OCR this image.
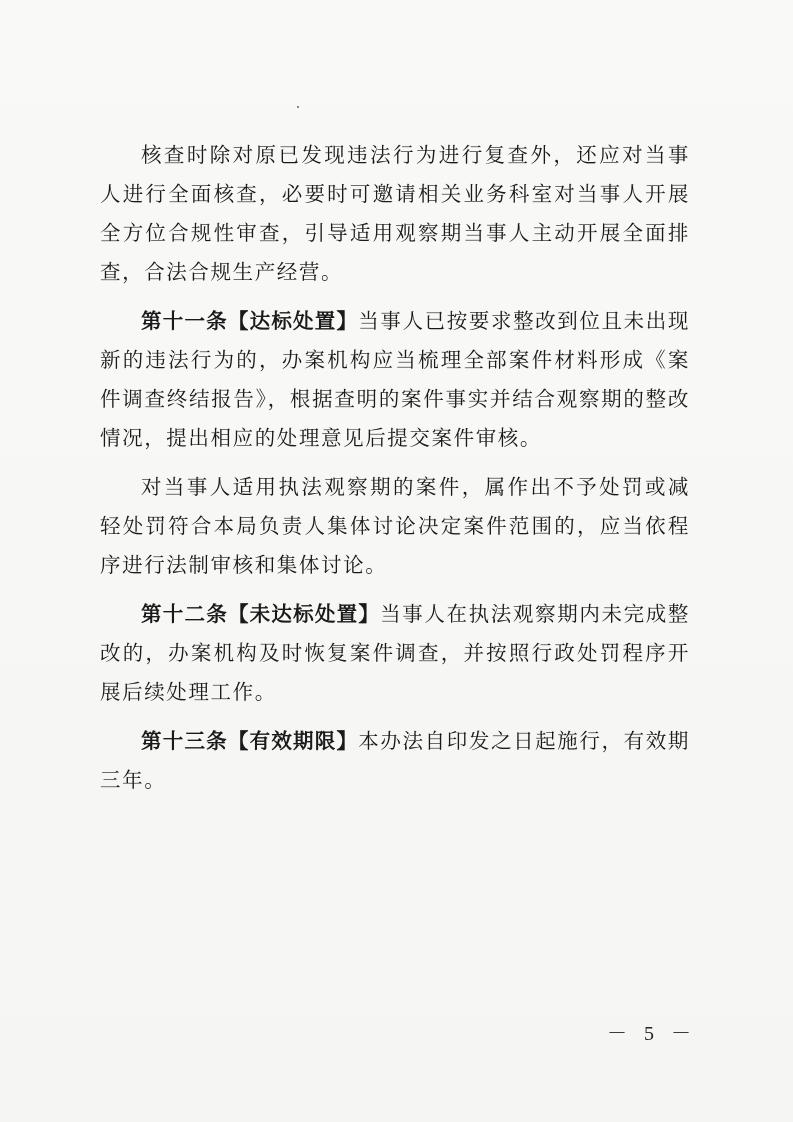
核查时除对原已发现违法行为进行复查外，还应对当事人进行全面核查，必要时可邀请相关业务科室对当事人开展全方位合规性审查，引导适用观察期当事人主动开展全面排查，合法合规生产经营。

第十一条【达标处置】当事人已按要求整改到位且未出现新的违法行为的，办案机构应当梳理全部案件材料形成《案件调查终结报告》，根据查明的案件事实并结合观察期的整改情况，提出相应的处理意见后提交案件审核。

对当事人适用执法观察期的案件，属作出不予处罚或减轻处罚符合本局负责人集体讨论决定案件范围的，应当依程序进行法制审核和集体讨论。

第十二条【未达标处置】当事人在执法观察期内未完成整改的，办案机构及时恢复案件调查，并按照行政处罚程序开展后续处理工作。

第十三条【有效期限】本办法自印发之日起施行，有效期三年。

－ 5 －
